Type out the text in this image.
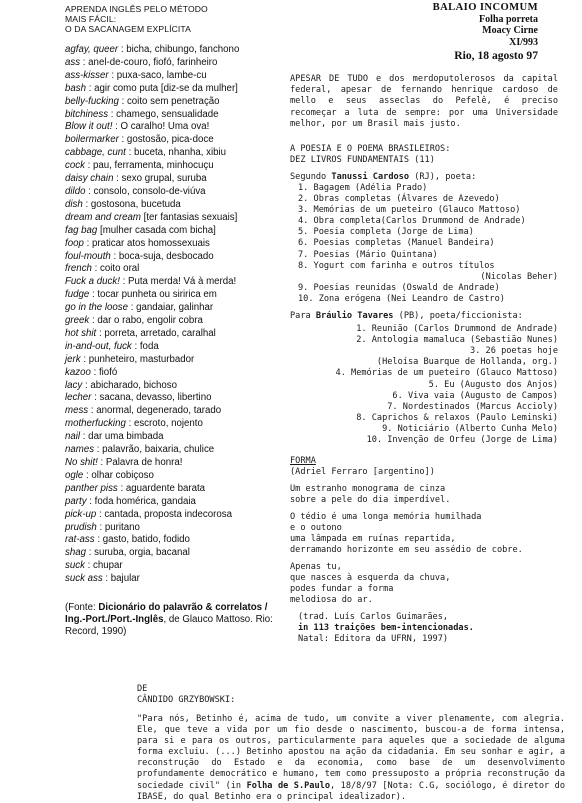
APRENDA INGLÊS PELO MÉTODO
MAIS FÁCIL:
O DA SACANAGEM EXPLÍCITA
agfay, queer : bicha, chibungo, fanchono
ass : anel-de-couro, fiofó, farinheiro
ass-kisser : puxa-saco, lambe-cu
bash : agir como puta [diz-se da mulher]
belly-fucking : coito sem penetração
bitchiness : chamego, sensualidade
Blow it out! : O caralho! Uma ova!
boilermarker : gostosão, pica-doce
cabbage, cunt : buceta, nhanha, xibiu
cock : pau, ferramenta, minhocuçu
daisy chain : sexo grupal, suruba
dildo : consolo, consolo-de-viúva
dish : gostosona, bucetuda
dream and cream [ter fantasias sexuais]
fag bag [mulher casada com bicha]
foop : praticar atos homossexuais
foul-mouth : boca-suja, desbocado
french : coito oral
Fuck a duck! : Puta merda! Vá à merda!
fudge : tocar punheta ou siririca em
go in the loose : gandaiar, galinhar
greek : dar o rabo, engolir cobra
hot shit : porreta, arretado, caralhal
in-and-out, fuck : foda
jerk : punheteiro, masturbador
kazoo : fiofó
lacy : abicharado, bichoso
lecher : sacana, devasso, libertino
mess : anormal, degenerado, tarado
motherfucking : escroto, nojento
nail : dar uma bimbada
names : palavrão, baixaria, chulice
No shit! : Palavra de honra!
ogle : olhar cobiçoso
panther piss : aguardente barata
party : foda homérica, gandaia
pick-up : cantada, proposta indecorosa
prudish : puritano
rat-ass : gasto, batido, fodido
shag : suruba, orgia, bacanal
suck : chupar
suck ass : bajular
(Fonte: Dicionário do palavrão & correlatos / Ing.-Port./Port.-Inglês, de Glauco Mattoso. Rio: Record, 1990)
BALAIO INCOMUM
Folha porreta
Moacy Cirne
XI/993
Rio, 18 agosto 97

APESAR DE TUDO e dos merdoputolerosos da capital federal, apesar de fernando henrique cardoso de mello e seus asseclas do Pefelê, é preciso recomeçar a luta de sempre: por uma Universidade melhor, por um Brasil mais justo.

A POESIA E O POEMA BRASILEIROS:
DEZ LIVROS FUNDAMENTAIS (11)
Segundo Tanussi Cardoso (RJ), poeta:
1. Bagagem (Adélia Prado)
2. Obras completas (Álvares de Azevedo)
3. Memórias de um pueteiro (Glauco Mattoso)
4. Obra completa(Carlos Drummond de Andrade)
5. Poesia completa (Jorge de Lima)
6. Poesias completas (Manuel Bandeira)
7. Poesias (Mário Quintana)
8. Yogurt com farinha e outros títulos
(Nicolas Beher)
9. Poesias reunidas (Oswald de Andrade)
10. Zona erógena (Nei Leandro de Castro)
Para Bráulio Tavares (PB), poeta/ficcionista:
1. Reunião (Carlos Drummond de Andrade)
2. Antologia mamaluca (Sebastião Nunes)
3. 26 poetas hoje
(Heloísa Buarque de Hollanda, org.)
4. Memórias de um pueteiro (Glauco Mattoso)
5. Eu (Augusto dos Anjos)
6. Viva vaia (Augusto de Campos)
7. Nordestinados (Marcus Accioly)
8. Caprichos & relaxos (Paulo Leminski)
9. Noticiário (Alberto Cunha Melo)
10. Invenção de Orfeu (Jorge de Lima)
FORMA
(Adriel Ferraro [argentino])
Um estranho monograma de cinza
sobre a pele do dia imperdível.
O tédio é uma longa memória humilhada
e o outono
uma lâmpada em ruínas repartida,
derramando horizonte em seu assédio de cobre.
Apenas tu,
que nasces à esquerda da chuva,
podes fundar a forma
melodiosa do ar.
(trad. Luís Carlos Guimarães,
in 113 traições bem-intencionadas.
Natal: Editora da UFRN, 1997)
DE
CÂNDIDO GRZYBOWSKI:
"Para nós, Betinho é, acima de tudo, um convite a viver plenamente, com alegria. Ele, que teve a vida por um fio desde o nascimento, buscou-a de forma intensa, para si e para os outros, particularmente para aqueles que a sociedade de alguma forma excluiu. (...) Betinho apostou na ação da cidadania. Em seu sonhar e agir, a reconstrução do Estado e da economia, como base de um desenvolvimento profundamente democrático e humano, tem como pressuposto a própria reconstrução da sociedade civil" (in Folha de S.Paulo, 18/8/97 [Nota: C.G, sociólogo, é diretor do IBASE, do qual Betinho era o principal idealizador).
